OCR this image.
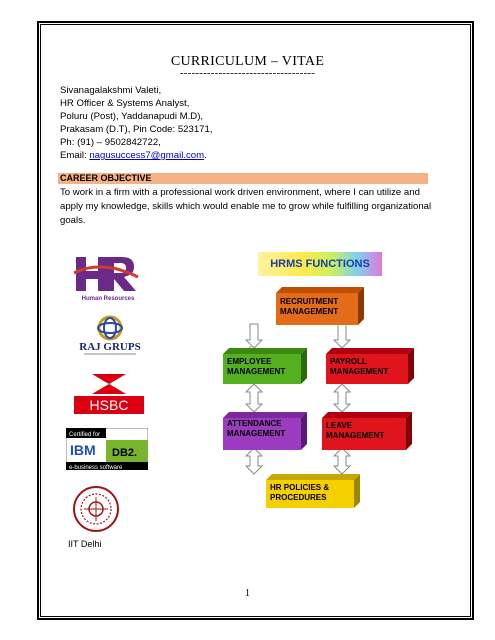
CURRICULUM – VITAE
-----------------------------------
Sivanagalakshmi Valeti,
HR Officer & Systems Analyst,
Poluru (Post), Yaddanapudi M.D),
Prakasam (D.T), Pin Code: 523171,
Ph: (91) – 9502842722,
Email: nagusuccess7@gmail.com.
CAREER OBJECTIVE
To work in a firm with a professional work driven environment, where I can utilize and apply my knowledge, skills which would enable me to grow while fulfilling organizational goals.
Human Resources
RAJ GRUPS
HSBC
Certified for
IBM DB2.
e-business software
IIT Delhi
HRMS FUNCTIONS
RECRUITMENT
MANAGEMENT
EMPLOYEE
MANAGEMENT
PAYROLL
MANAGEMENT
ATTENDANCE
MANAGEMENT
LEAVE
MANAGEMENT
HR POLICIES &
PROCEDURES
1
